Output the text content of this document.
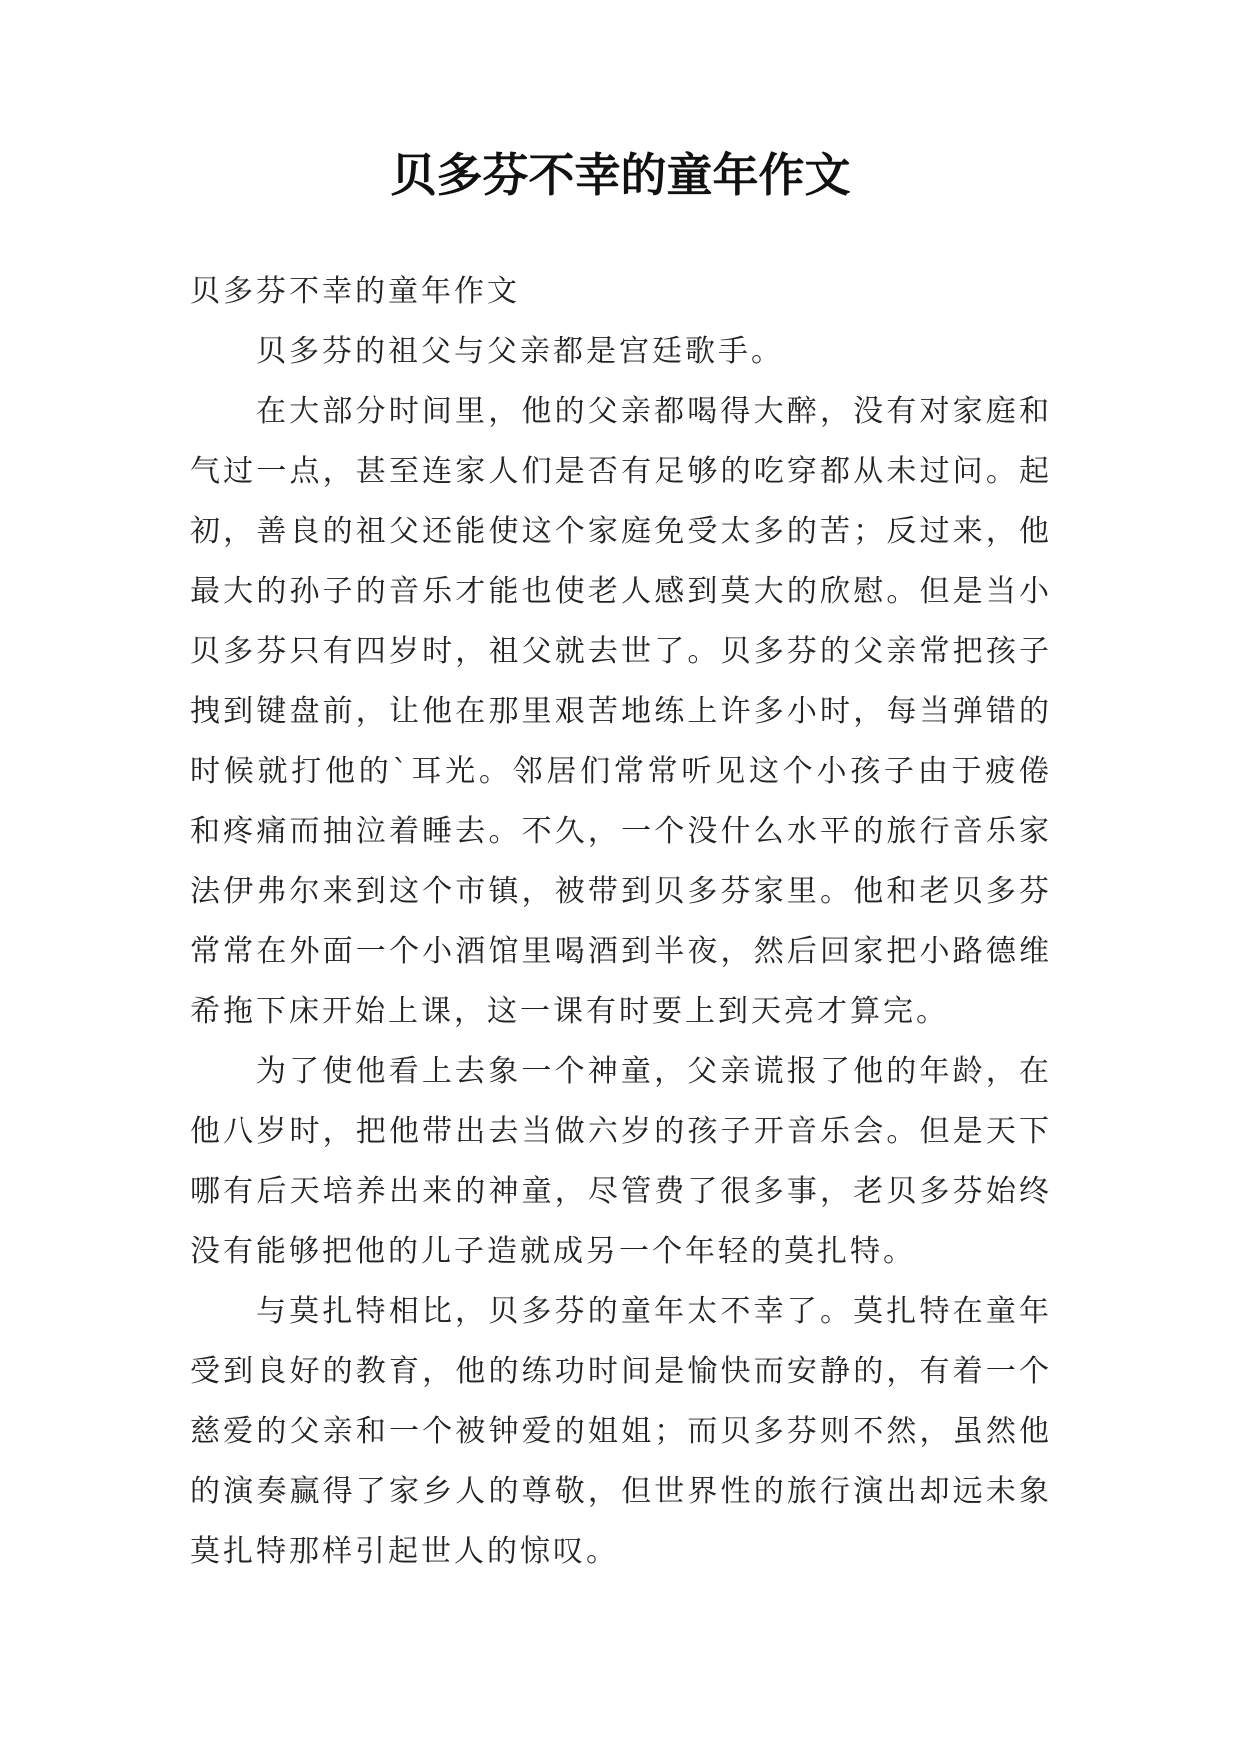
贝多芬不幸的童年作文

贝多芬不幸的童年作文

贝多芬的祖父与父亲都是宫廷歌手。

在大部分时间里，他的父亲都喝得大醉，没有对家庭和气过一点，甚至连家人们是否有足够的吃穿都从未过问。起初，善良的祖父还能使这个家庭免受太多的苦；反过来，他最大的孙子的音乐才能也使老人感到莫大的欣慰。但是当小贝多芬只有四岁时，祖父就去世了。贝多芬的父亲常把孩子拽到键盘前，让他在那里艰苦地练上许多小时，每当弹错的时候就打他的`耳光。邻居们常常听见这个小孩子由于疲倦和疼痛而抽泣着睡去。不久，一个没什么水平的旅行音乐家法伊弗尔来到这个市镇，被带到贝多芬家里。他和老贝多芬常常在外面一个小酒馆里喝酒到半夜，然后回家把小路德维希拖下床开始上课，这一课有时要上到天亮才算完。

为了使他看上去象一个神童，父亲谎报了他的年龄，在他八岁时，把他带出去当做六岁的孩子开音乐会。但是天下哪有后天培养出来的神童，尽管费了很多事，老贝多芬始终没有能够把他的儿子造就成另一个年轻的莫扎特。

与莫扎特相比，贝多芬的童年太不幸了。莫扎特在童年受到良好的教育，他的练功时间是愉快而安静的，有着一个慈爱的父亲和一个被钟爱的姐姐；而贝多芬则不然，虽然他的演奏赢得了家乡人的尊敬，但世界性的旅行演出却远未象莫扎特那样引起世人的惊叹。
